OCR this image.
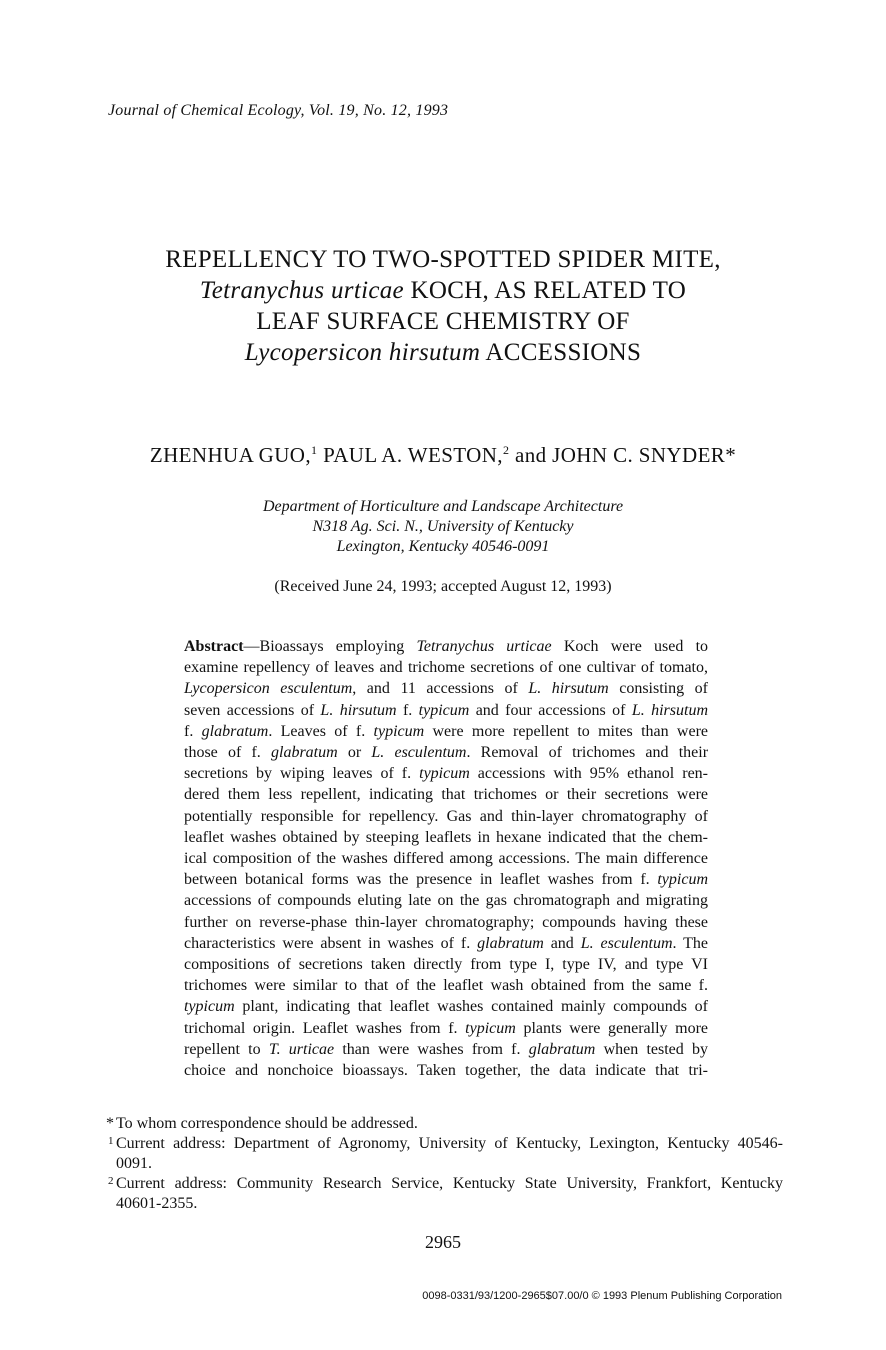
Journal of Chemical Ecology, Vol. 19, No. 12, 1993
REPELLENCY TO TWO-SPOTTED SPIDER MITE,
Tetranychus urticae KOCH, AS RELATED TO
LEAF SURFACE CHEMISTRY OF
Lycopersicon hirsutum ACCESSIONS
ZHENHUA GUO,$^1$ PAUL A. WESTON,$^2$ and JOHN C. SNYDER*
Department of Horticulture and Landscape Architecture
N318 Ag. Sci. N., University of Kentucky
Lexington, Kentucky 40546-0091
(Received June 24, 1993; accepted August 12, 1993)
Abstract—Bioassays employing Tetranychus urticae Koch were used to
examine repellency of leaves and trichome secretions of one cultivar of tomato,
Lycopersicon esculentum, and 11 accessions of L. hirsutum consisting of
seven accessions of L. hirsutum f. typicum and four accessions of L. hirsutum
f. glabratum. Leaves of f. typicum were more repellent to mites than were
those of f. glabratum or L. esculentum. Removal of trichomes and their
secretions by wiping leaves of f. typicum accessions with 95% ethanol ren-
dered them less repellent, indicating that trichomes or their secretions were
potentially responsible for repellency. Gas and thin-layer chromatography of
leaflet washes obtained by steeping leaflets in hexane indicated that the chem-
ical composition of the washes differed among accessions. The main difference
between botanical forms was the presence in leaflet washes from f. typicum
accessions of compounds eluting late on the gas chromatograph and migrating
further on reverse-phase thin-layer chromatography; compounds having these
characteristics were absent in washes of f. glabratum and L. esculentum. The
compositions of secretions taken directly from type I, type IV, and type VI
trichomes were similar to that of the leaflet wash obtained from the same f.
typicum plant, indicating that leaflet washes contained mainly compounds of
trichomal origin. Leaflet washes from f. typicum plants were generally more
repellent to T. urticae than were washes from f. glabratum when tested by
choice and nonchoice bioassays. Taken together, the data indicate that tri-
* To whom correspondence should be addressed.
1 Current address: Department of Agronomy, University of Kentucky, Lexington, Kentucky 40546-
0091.
2 Current address: Community Research Service, Kentucky State University, Frankfort, Kentucky
40601-2355.
2965
0098-0331/93/1200-2965$07.00/0 © 1993 Plenum Publishing Corporation
